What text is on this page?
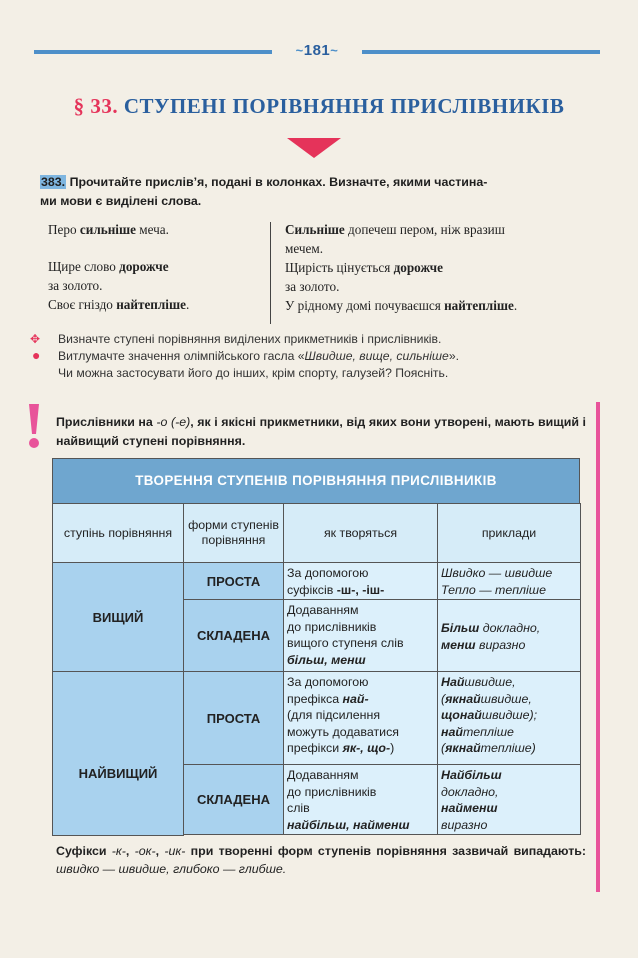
~181~
§ 33. СТУПЕНІ ПОРІВНЯННЯ ПРИСЛІВНИКІВ
383. Прочитайте прислів’я, подані в колонках. Визначте, якими частина-
ми мови є виділені слова.

Перо сильніше меча.

Щире слово дорожче

за золото.

Своє гніздо найтепліше.

Сильніше допечеш пером, ніж вразиш

мечем.

Щирість цінується дорожче

за золото.

У рідному домі почуваєшся найтепліше.

✥ Визначте ступені порівняння виділених прикметників і прислівників.
● Витлумачте значення олімпійського гасла «Швидше, вище, сильніше».
Чи можна застосувати його до інших, крім спорту, галузей? Поясніть.
Прислівники на -о (-е), як і якісні прикметники, від яких вони утворені, мають вищий і найвищий ступені порівняння.
ТВОРЕННЯ СТУПЕНІВ ПОРІВНЯННЯ ПРИСЛІВНИКІВ
ступінь порівняння
форми ступенів порівняння
як творяться	приклади
ВИЩИЙ
НАЙВИЩИЙ
ПРОСТА
За допомогою
суфіксів -ш-, -іш-
Швидко — швидше
Тепло — тепліше
СКЛАДЕНА
Додаванням
до прислівників
вищого ступеня слів
більш, менш
Більш докладно,
менш виразно
ПРОСТА
За допомогою
префікса най-
(для підсилення
можуть додаватися
префікси як-, що-)
Найшвидше,
(якнайшвидше,
щонайшвидше);
найтепліше
(якнайтепліше)
СКЛАДЕНА
Додаванням
до прислівників
слів
найбільш, найменш
Найбільш
докладно,
найменш
виразно
Суфікси -к-, -ок-, -ик- при творенні форм ступенів порівняння зазвичай випадають: швидко — швидше, глибоко — глибше.
